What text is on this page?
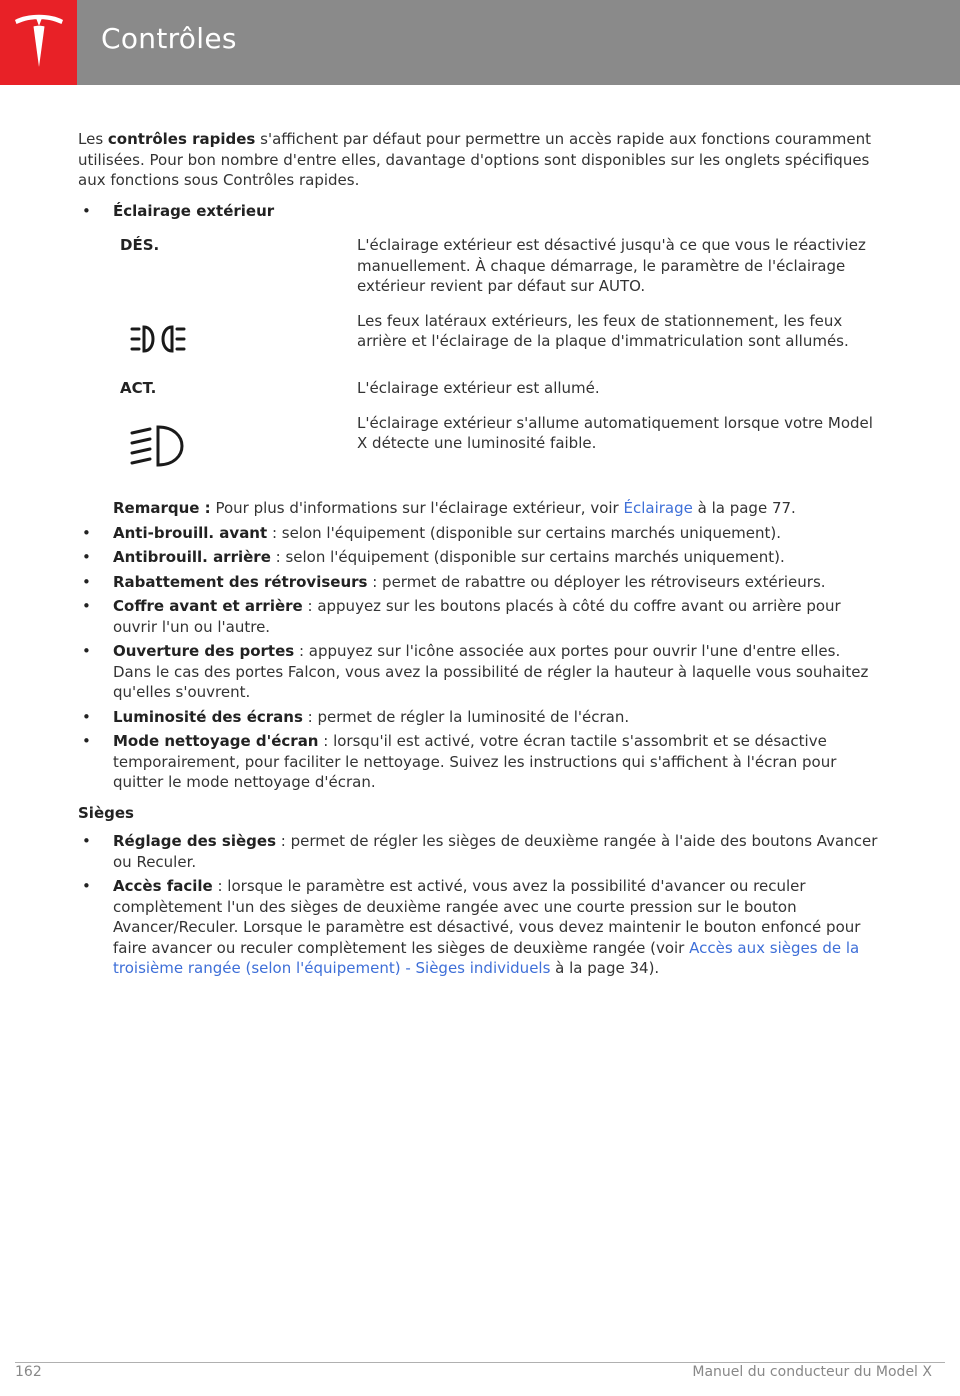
Contrôles

Les contrôles rapides s'affichent par défaut pour permettre un accès rapide aux fonctions couramment utilisées. Pour bon nombre d'entre elles, davantage d'options sont disponibles sur les onglets spécifiques aux fonctions sous Contrôles rapides.

• Éclairage extérieur
DÉS.	L'éclairage extérieur est désactivé jusqu'à ce que vous le réactiviez manuellement. À chaque démarrage, le paramètre de l'éclairage extérieur revient par défaut sur AUTO.
	Les feux latéraux extérieurs, les feux de stationnement, les feux arrière et l'éclairage de la plaque d'immatriculation sont allumés.
ACT.	L'éclairage extérieur est allumé.
	L'éclairage extérieur s'allume automatiquement lorsque votre Model X détecte une luminosité faible.

Remarque : Pour plus d'informations sur l'éclairage extérieur, voir Éclairage à la page 77.

• Anti-brouill. avant : selon l'équipement (disponible sur certains marchés uniquement).
• Antibrouill. arrière : selon l'équipement (disponible sur certains marchés uniquement).
• Rabattement des rétroviseurs : permet de rabattre ou déployer les rétroviseurs extérieurs.
• Coffre avant et arrière : appuyez sur les boutons placés à côté du coffre avant ou arrière pour ouvrir l'un ou l'autre.
• Ouverture des portes : appuyez sur l'icône associée aux portes pour ouvrir l'une d'entre elles. Dans le cas des portes Falcon, vous avez la possibilité de régler la hauteur à laquelle vous souhaitez qu'elles s'ouvrent.
• Luminosité des écrans : permet de régler la luminosité de l'écran.
• Mode nettoyage d'écran : lorsqu'il est activé, votre écran tactile s'assombrit et se désactive temporairement, pour faciliter le nettoyage. Suivez les instructions qui s'affichent à l'écran pour quitter le mode nettoyage d'écran.

Sièges

• Réglage des sièges : permet de régler les sièges de deuxième rangée à l'aide des boutons Avancer ou Reculer.
• Accès facile : lorsque le paramètre est activé, vous avez la possibilité d'avancer ou reculer complètement l'un des sièges de deuxième rangée avec une courte pression sur le bouton Avancer/Reculer. Lorsque le paramètre est désactivé, vous devez maintenir le bouton enfoncé pour faire avancer ou reculer complètement les sièges de deuxième rangée (voir Accès aux sièges de la troisième rangée (selon l'équipement) - Sièges individuels à la page 34).
162	Manuel du conducteur du Model X
